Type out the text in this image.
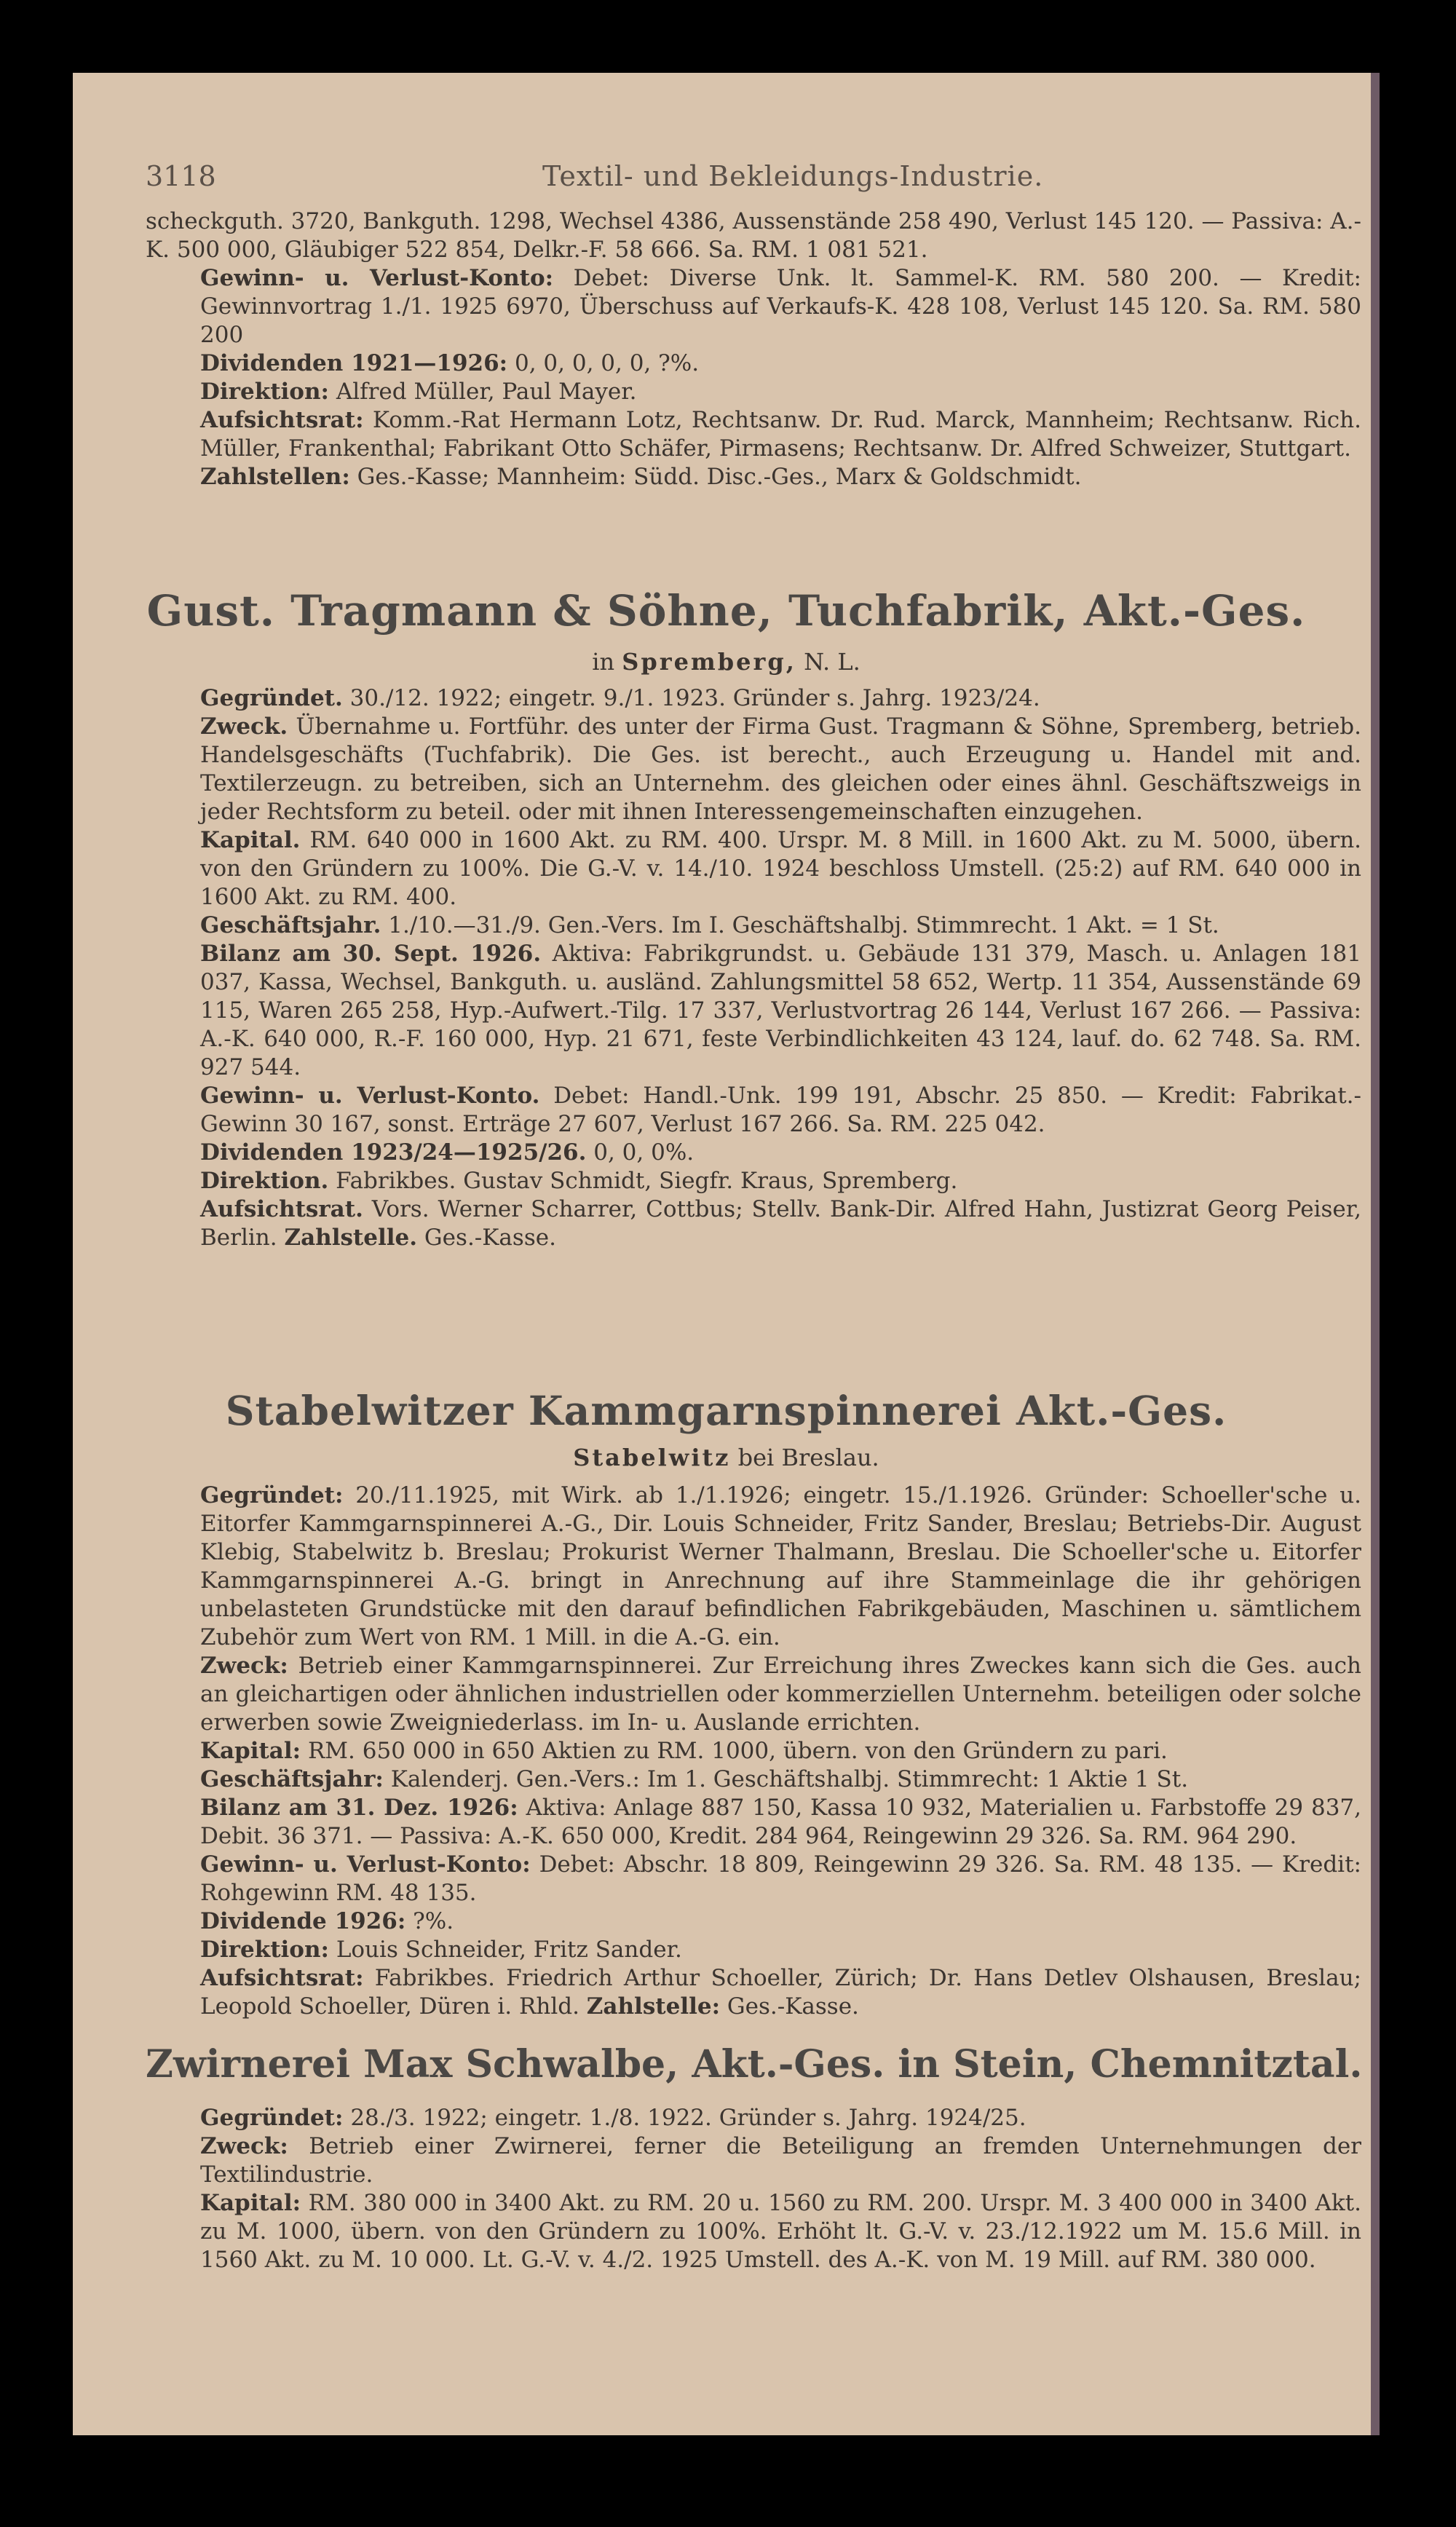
3118	Textil- und Bekleidungs-Industrie.

scheckguth. 3720, Bankguth. 1298, Wechsel 4386, Aussenstände 258 490, Verlust 145 120. — Passiva: A.-K. 500 000, Gläubiger 522 854, Delkr.-F. 58 666. Sa. RM. 1 081 521.

Gewinn- u. Verlust-Konto: Debet: Diverse Unk. lt. Sammel-K. RM. 580 200. — Kredit: Gewinnvortrag 1./1. 1925 6970, Überschuss auf Verkaufs-K. 428 108, Verlust 145 120. Sa. RM. 580 200

Dividenden 1921—1926: 0, 0, 0, 0, 0, ?%.

Direktion: Alfred Müller, Paul Mayer.

Aufsichtsrat: Komm.-Rat Hermann Lotz, Rechtsanw. Dr. Rud. Marck, Mannheim; Rechtsanw. Rich. Müller, Frankenthal; Fabrikant Otto Schäfer, Pirmasens; Rechtsanw. Dr. Alfred Schweizer, Stuttgart.

Zahlstellen: Ges.-Kasse; Mannheim: Südd. Disc.-Ges., Marx & Goldschmidt.

Gust. Tragmann & Söhne, Tuchfabrik, Akt.-Ges.
in Spremberg, N. L.

Gegründet. 30./12. 1922; eingetr. 9./1. 1923. Gründer s. Jahrg. 1923/24.

Zweck. Übernahme u. Fortführ. des unter der Firma Gust. Tragmann & Söhne, Spremberg, betrieb. Handelsgeschäfts (Tuchfabrik). Die Ges. ist berecht., auch Erzeugung u. Handel mit and. Textilerzeugn. zu betreiben, sich an Unternehm. des gleichen oder eines ähnl. Geschäftszweigs in jeder Rechtsform zu beteil. oder mit ihnen Interessengemeinschaften einzugehen.

Kapital. RM. 640 000 in 1600 Akt. zu RM. 400. Urspr. M. 8 Mill. in 1600 Akt. zu M. 5000, übern. von den Gründern zu 100%. Die G.-V. v. 14./10. 1924 beschloss Umstell. (25:2) auf RM. 640 000 in 1600 Akt. zu RM. 400.

Geschäftsjahr. 1./10.—31./9. Gen.-Vers. Im I. Geschäftshalbj. Stimmrecht. 1 Akt. = 1 St.

Bilanz am 30. Sept. 1926. Aktiva: Fabrikgrundst. u. Gebäude 131 379, Masch. u. Anlagen 181 037, Kassa, Wechsel, Bankguth. u. ausländ. Zahlungsmittel 58 652, Wertp. 11 354, Aussenstände 69 115, Waren 265 258, Hyp.-Aufwert.-Tilg. 17 337, Verlustvortrag 26 144, Verlust 167 266. — Passiva: A.-K. 640 000, R.-F. 160 000, Hyp. 21 671, feste Verbindlichkeiten 43 124, lauf. do. 62 748. Sa. RM. 927 544.

Gewinn- u. Verlust-Konto. Debet: Handl.-Unk. 199 191, Abschr. 25 850. — Kredit: Fabrikat.-Gewinn 30 167, sonst. Erträge 27 607, Verlust 167 266. Sa. RM. 225 042.

Dividenden 1923/24—1925/26. 0, 0, 0%.

Direktion. Fabrikbes. Gustav Schmidt, Siegfr. Kraus, Spremberg.

Aufsichtsrat. Vors. Werner Scharrer, Cottbus; Stellv. Bank-Dir. Alfred Hahn, Justizrat Georg Peiser, Berlin. Zahlstelle. Ges.-Kasse.

Stabelwitzer Kammgarnspinnerei Akt.-Ges.
Stabelwitz bei Breslau.

Gegründet: 20./11.1925, mit Wirk. ab 1./1.1926; eingetr. 15./1.1926. Gründer: Schoeller'sche u. Eitorfer Kammgarnspinnerei A.-G., Dir. Louis Schneider, Fritz Sander, Breslau; Betriebs-Dir. August Klebig, Stabelwitz b. Breslau; Prokurist Werner Thalmann, Breslau. Die Schoeller'sche u. Eitorfer Kammgarnspinnerei A.-G. bringt in Anrechnung auf ihre Stammeinlage die ihr gehörigen unbelasteten Grundstücke mit den darauf befindlichen Fabrikgebäuden, Maschinen u. sämtlichem Zubehör zum Wert von RM. 1 Mill. in die A.-G. ein.

Zweck: Betrieb einer Kammgarnspinnerei. Zur Erreichung ihres Zweckes kann sich die Ges. auch an gleichartigen oder ähnlichen industriellen oder kommerziellen Unternehm. beteiligen oder solche erwerben sowie Zweigniederlass. im In- u. Auslande errichten.

Kapital: RM. 650 000 in 650 Aktien zu RM. 1000, übern. von den Gründern zu pari.

Geschäftsjahr: Kalenderj. Gen.-Vers.: Im 1. Geschäftshalbj. Stimmrecht: 1 Aktie 1 St.

Bilanz am 31. Dez. 1926: Aktiva: Anlage 887 150, Kassa 10 932, Materialien u. Farbstoffe 29 837, Debit. 36 371. — Passiva: A.-K. 650 000, Kredit. 284 964, Reingewinn 29 326. Sa. RM. 964 290.

Gewinn- u. Verlust-Konto: Debet: Abschr. 18 809, Reingewinn 29 326. Sa. RM. 48 135. — Kredit: Rohgewinn RM. 48 135.

Dividende 1926: ?%.

Direktion: Louis Schneider, Fritz Sander.

Aufsichtsrat: Fabrikbes. Friedrich Arthur Schoeller, Zürich; Dr. Hans Detlev Olshausen, Breslau; Leopold Schoeller, Düren i. Rhld. Zahlstelle: Ges.-Kasse.

Zwirnerei Max Schwalbe, Akt.-Ges. in Stein, Chemnitztal.

Gegründet: 28./3. 1922; eingetr. 1./8. 1922. Gründer s. Jahrg. 1924/25.

Zweck: Betrieb einer Zwirnerei, ferner die Beteiligung an fremden Unternehmungen der Textilindustrie.

Kapital: RM. 380 000 in 3400 Akt. zu RM. 20 u. 1560 zu RM. 200. Urspr. M. 3 400 000 in 3400 Akt. zu M. 1000, übern. von den Gründern zu 100%. Erhöht lt. G.-V. v. 23./12.1922 um M. 15.6 Mill. in 1560 Akt. zu M. 10 000. Lt. G.-V. v. 4./2. 1925 Umstell. des A.-K. von M. 19 Mill. auf RM. 380 000.
